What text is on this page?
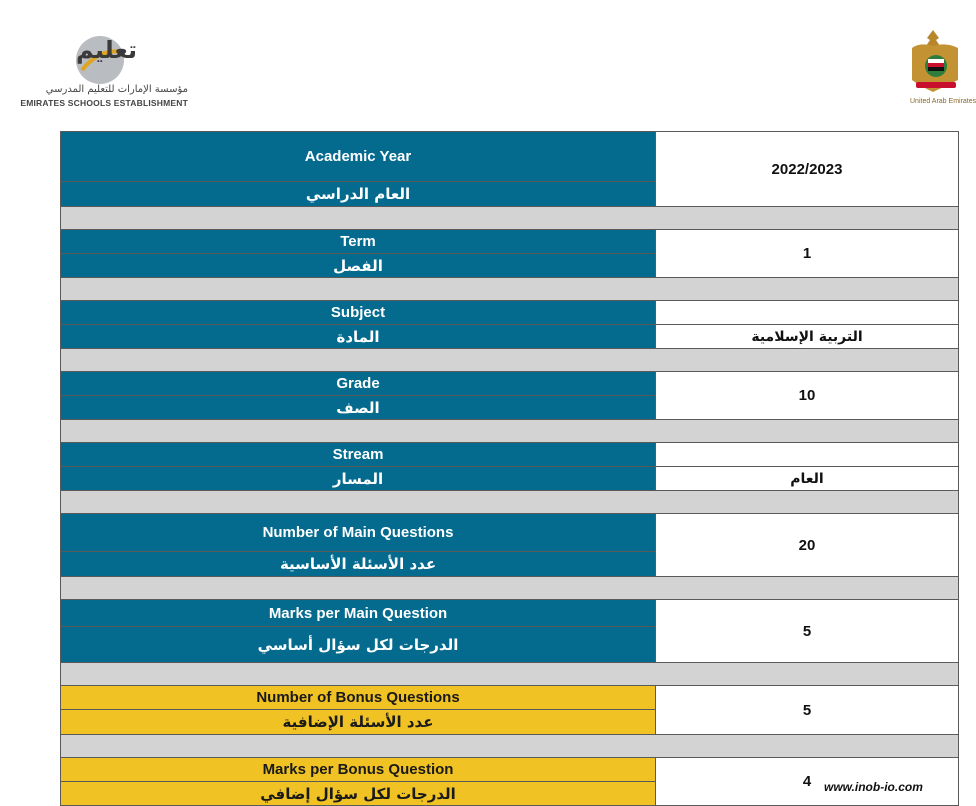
تعليم
مؤسسة الإمارات للتعليم المدرسي
EMIRATES SCHOOLS ESTABLISHMENT	United Arab Emirates
Academic Year	2022/2023
العام الدراسي	

Term	1
الفصل	

Subject	
المادة	التربية الإسلامية

Grade	10
الصف	

Stream	
المسار	العام

Number of Main Questions	20
عدد الأسئلة الأساسية	

Marks per Main Question	5
الدرجات لكل سؤال أساسي	

Number of Bonus Questions	5
عدد الأسئلة الإضافية	

Marks per Bonus Question	4
الدرجات لكل سؤال إضافي		www.inob-io.com
